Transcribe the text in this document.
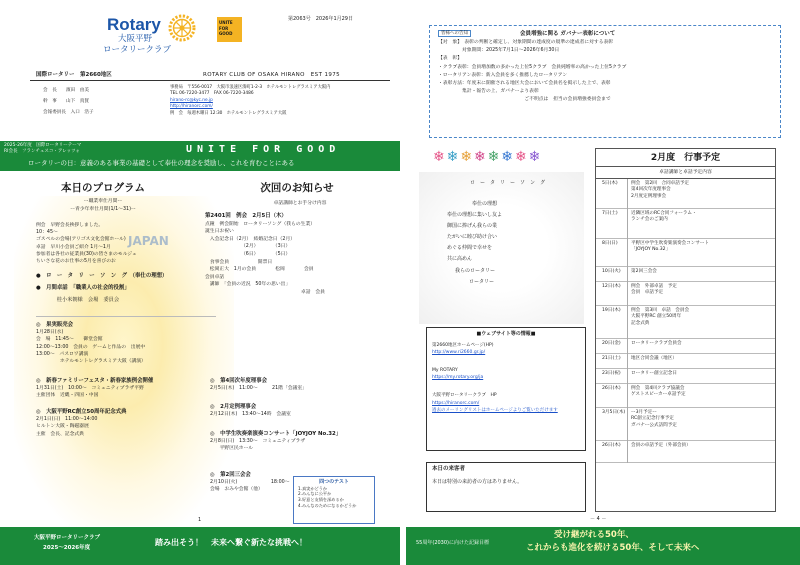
Rotary
大阪平野
ロータリークラブ
UNITE FOR GOOD
第2063号　2026年1月29日
国際ロータリー　第2660地区	ROTARY CLUB OF OSAKA HIRANO　EST 1975
会　長　　 濱田　由美
幹　事　　 山下　真賀
会報委員長　 入口　浩子
事務局　〒556-0017　大阪市浪速区湊町1-2-3　ホテルモントレグラスミア大阪内
TEL 06-7220-3477　FAX 06-7220-3486
hirano-rc@kyc.ne.jp
http://hiranorc.com/
例　会　毎週木曜日 12:30　ホテルモントレグラスミア大阪
2025-26年度　国際ロータリーテーマ
RI会長　フランチェスコ・アレッツォ	UNITE FOR GOOD
ロータリーの日：意義のある事業の基礎として奉仕の理念を奨励し、これを育むことにある
本日のプログラム
ー職業奉仕月間ー
ー青少年奉仕月間(1/1～31)ー
JAPAN
例会　早野会長挨拶しました。
10：45～
ゴスペルの会場(アリゴス文化会館ホール)
卓話　早川小会員ご紹介 1月～1月
参加者は各社の従業員(30)の皆さまのモルジュ
ちいさな花のお仕事の5月を喜びのお
●　ロ　ー　タ　リ　ー　ソ　ン　グ　（奉仕の理想）
●　月間卓話　「職業人の社会的役割」
　　　　桂小米朝様　会場　委員会
◎　果実販売会
1月28日(水)
会　場　11:45～　　御堂会館
12:00～13:00　会員の　ゲームと作品の　出展中
13:00～　パスロワ講演
　　　　　ホテルモントレグラスミア大阪（講演）
◎　新春ファミリーフェスタ・新春家族例会開催
1月31日(土)　10:00～　コミュニティプラザ平野
主催団体　近畿・四国・中国
◎　大阪平野RC創立50周年記念式典
2月1日(日)　11:00～14:00
ヒルトン大阪・陶磁器展
主催　会長、記念式典
次回のお知らせ
卓話講師とお手分け内容
第2401回　例会　2月5日（木）
点鐘　例会開始　ロータリーソング（我らの生業）
誕生日お祝い
　入会記念日（2月）　結婚記念日（2月）
　　　　　　　　（2月）　　　　（3日）
　　　　　　　　（6日）　　　　（5日）
　食事会員　　　　　　開票日
　松岡正大　1月の会員　　　　松岡　　　　会員
会員卓話
　講師　「会員の近況　50年の思い出」
　　　　　　　　　　　　　　　　　　　　卓話　会員
◎　第4回次年度理事会
2月5日(木)　11:00～　　　21階「会議室」
◎　2月定例理事会
2月12日(木)　13:40～14時　会議室
◎　中学生吹奏楽演奏コンサート「JOYJOY No.32」
2月8日(日)　13:30～　コミュニティプラザ
　　平野区民ホール
◎　第2回三会会
2月10日(火)　　　　　　　18:00～
会場　おみや会館（他）
四つのテスト
1.真実かどうか
2.みんなに公平か
3.好意と友情を深めるか
4.みんなのためになるかどうか
1
大阪平野ロータリークラブ
2025～2026年度
踏み出そう！　未来へ繋ぐ新たな挑戦へ！
皆様への告知	会員増強に関る ガバナー表彰について
【対　象】　表彰の判断と確定し、対象期間の達成度の規準の達成者に対する表彰
　　　　　対象期間：2025年7月1日～2026年6月30日
【表　彰】
・クラブ表彰：会員増加数の多かった上位5クラブ　会員純増率の高かった上位5クラブ
・ロータリアン表彰：新入会員を多く推薦したロータリアン
・表彰方法：年度末に開催される地区大会において会員名を掲示した上で、表彰
　　　　　集計・報告の上、ガバナーより表彰
　　　　　　　　　　　　　　　　　　ご不明点は　担当の会員増強委員会まで
❄ ❄ ❄ ❄ ❄ ❄ ❄ ❄
ロ　ー　タ　リ　ー　ソ　ン　グ
奉仕の理想
奉仕の理想に集いし友よ
御国に捧げん我らの業
たがいに睦び助け合い
めぐる仲間で幸せを
共に高めん
我らのロータリー
ロータリー
■ウェブサイト等の情報■
第2660地区ホームページ(HP)
http://www.ri2660.gr.jp/
My ROTARY
https://my.rotary.org/ja
大阪平野ロータリークラブ　HP
https://hiranorc.com/
過去のメーリングリストはホームページよりご覧いただけます
本日の来客者
本日は特別の来訪者の方はありません。
2月度　行事予定
卓話講師と卓話予定内容
5日(木)	例会　第2回　合同卓話予定
第4回次年度理事会
2月度定例理事会
7日(土)	近隣区域のRC合同フォーラム・
ランチ会のご案内
8日(日)	平野区中学生吹奏楽演奏会コンサート
「JOYJOY No.32」
10日(火)	第2回三会会
12日(木)	例会　外部卓話　予定
会員　卓話予定
19日(木)	例会　第3回　卓話　会員会
大阪平野RC 創立50周年
記念式典
20日(金)	ロータリークラブ会員会
21日(土)	地区合同会議（地区）
23日(祝)	ロータリー創立記念日
26日(木)	例会　第4回クラブ協議会
ゲストスピーカー卓話予定
3月5日(木) ー3月予定ー
RC創立記念行事予定
ガバナー公式訪問予定
26日(木)	会員の卓話予定（外部会員）
－ 4 －
55周年(2030)に向けた記録目標
受け継がれる50年、
これからも進化を続ける50年、そして未来へ
